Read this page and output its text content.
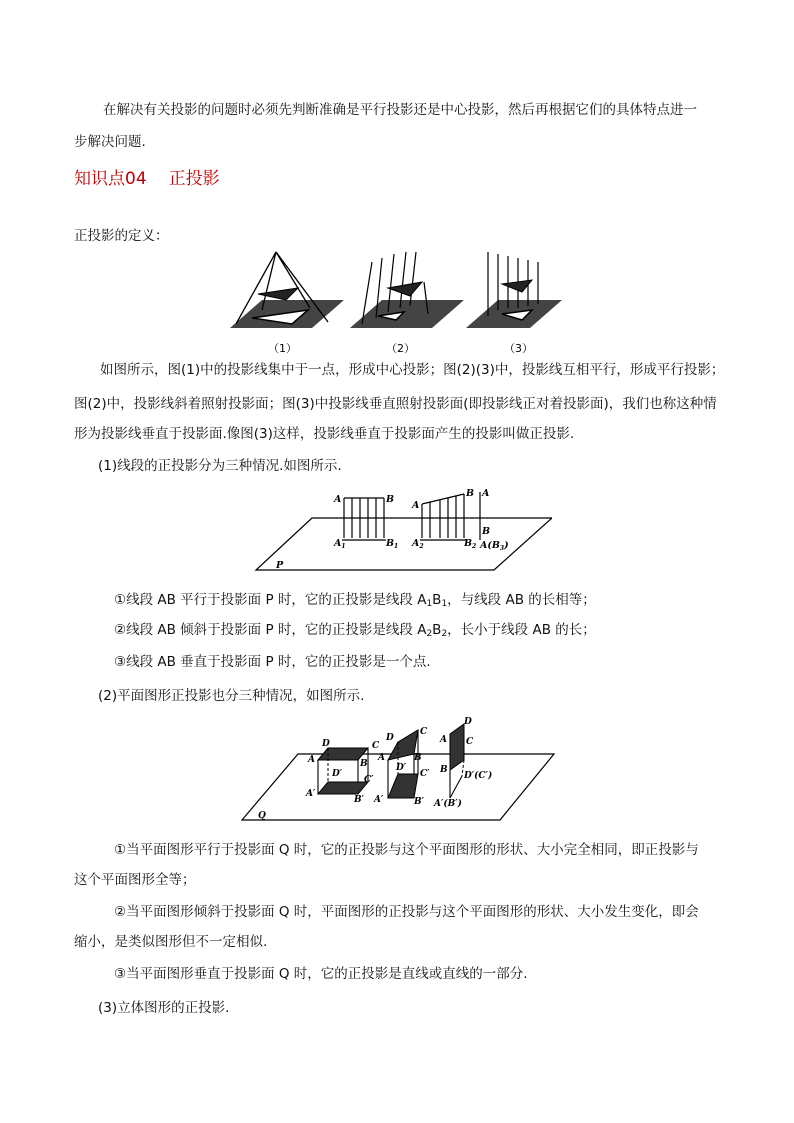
在解决有关投影的问题时必须先判断准确是平行投影还是中心投影，然后再根据它们的具体特点进一
步解决问题.
知识点04 正投影
正投影的定义：
（1）	（2）	（3）
如图所示，图(1)中的投影线集中于一点，形成中心投影；图(2)(3)中，投影线互相平行，形成平行投影；
图(2)中，投影线斜着照射投影面；图(3)中投影线垂直照射投影面(即投影线正对着投影面)，我们也称这种情
形为投影线垂直于投影面.像图(3)这样，投影线垂直于投影面产生的投影叫做正投影.
(1)线段的正投影分为三种情况.如图所示.
A	B
$A_1$	$B_1$
A
B
$A_2$	$B_2$
A
B
$A(B_3)$
P
①线段 AB 平行于投影面 P 时，它的正投影是线段 $A_1B_1$，与线段 AB 的长相等；
②线段 AB 倾斜于投影面 P 时，它的正投影是线段 $A_2B_2$，长小于线段 AB 的长；
③线段 AB 垂直于投影面 P 时，它的正投影是一个点.
(2)平面图形正投影也分三种情况，如图所示.
D	C
A	B
D′
C′
A′
B′
D
C
A	B
D′
C′
A′	B′
D
A C
B
D′(C′)
A′(B′)
Q
①当平面图形平行于投影面 Q 时，它的正投影与这个平面图形的形状、大小完全相同，即正投影与
这个平面图形全等；
②当平面图形倾斜于投影面 Q 时，平面图形的正投影与这个平面图形的形状、大小发生变化，即会
缩小，是类似图形但不一定相似.
③当平面图形垂直于投影面 Q 时，它的正投影是直线或直线的一部分.
(3)立体图形的正投影.
